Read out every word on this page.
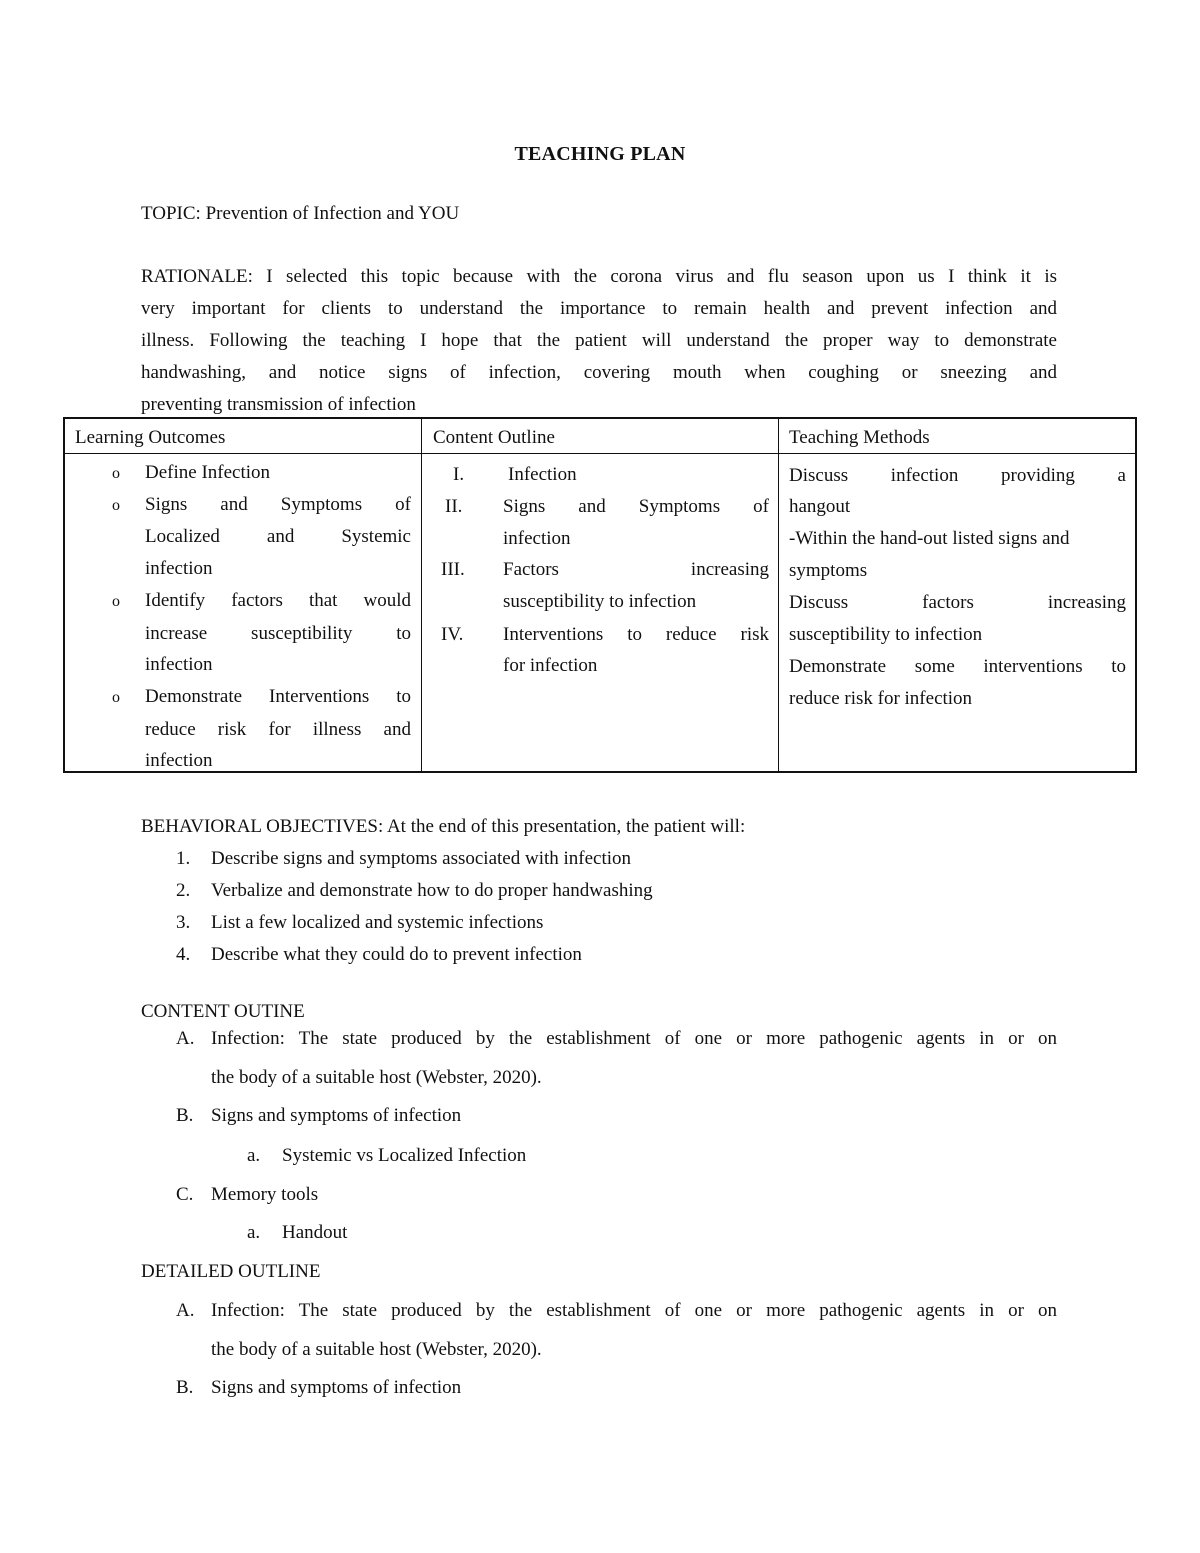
TEACHING PLAN
TOPIC: Prevention of Infection and YOU
RATIONALE: I selected this topic because with the corona virus and flu season upon us I think it is
very important for clients to understand the importance to remain health and prevent infection and
illness. Following the teaching I hope that the patient will understand the proper way to demonstrate
handwashing, and notice signs of infection, covering mouth when coughing or sneezing and
preventing transmission of infection
Learning Outcomes	Content Outline	Teaching Methods
o Define Infection
o Signs and Symptoms of
Localized and Systemic
infection
o Identify factors that would
increase susceptibility to
infection
o Demonstrate Interventions to
reduce risk for illness and
infection
I. Infection
II. Signs and Symptoms of
infection
III. Factors increasing
susceptibility to infection
IV. Interventions to reduce risk
for infection
Discuss infection providing a
hangout
-Within the hand-out listed signs and
symptoms
Discuss factors increasing
susceptibility to infection
Demonstrate some interventions to
reduce risk for infection
BEHAVIORAL OBJECTIVES: At the end of this presentation, the patient will:
1. Describe signs and symptoms associated with infection
2. Verbalize and demonstrate how to do proper handwashing
3. List a few localized and systemic infections
4. Describe what they could do to prevent infection
CONTENT OUTINE
A. Infection: The state produced by the establishment of one or more pathogenic agents in or on
the body of a suitable host (Webster, 2020).
B. Signs and symptoms of infection
a. Systemic vs Localized Infection
C. Memory tools
a. Handout
DETAILED OUTLINE
A. Infection: The state produced by the establishment of one or more pathogenic agents in or on
the body of a suitable host (Webster, 2020).
B. Signs and symptoms of infection
